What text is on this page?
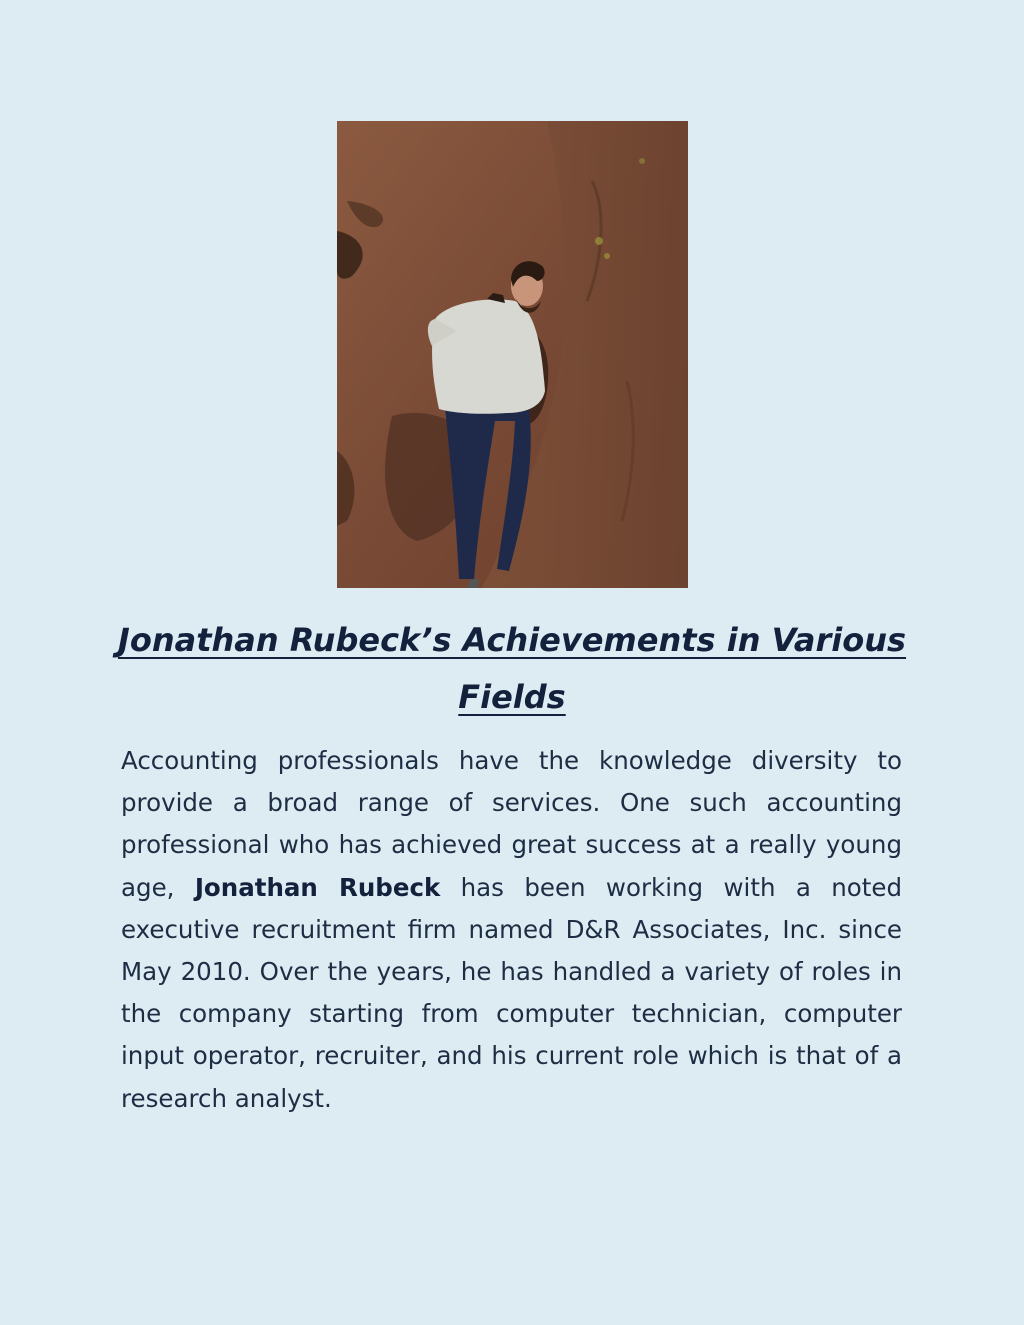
Jonathan Rubeck’s Achievements in Various Fields

Accounting professionals have the knowledge diversity to provide a broad range of services. One such accounting professional who has achieved great success at a really young age, Jonathan Rubeck has been working with a noted executive recruitment firm named D&R Associates, Inc. since May 2010. Over the years, he has handled a variety of roles in the company starting from computer technician, computer input operator, recruiter, and his current role which is that of a research analyst.
